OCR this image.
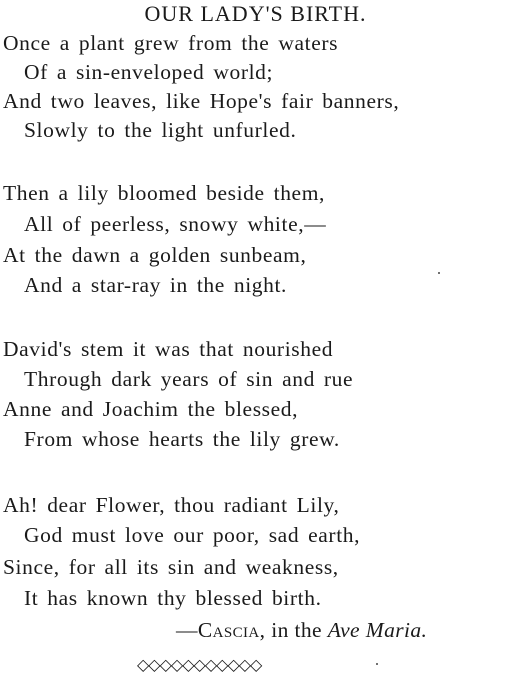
OUR LADY'S BIRTH.
Once a plant grew from the waters
Of a sin-enveloped world;
And two leaves, like Hope's fair banners,
Slowly to the light unfurled.
Then a lily bloomed beside them,
All of peerless, snowy white,—
At the dawn a golden sunbeam,
And a star-ray in the night.
David's stem it was that nourished
Through dark years of sin and rue
Anne and Joachim the blessed,
From whose hearts the lily grew.
Ah! dear Flower, thou radiant Lily,
God must love our poor, sad earth,
Since, for all its sin and weakness,
It has known thy blessed birth.
—Cascia, in the Ave Maria.
◇◇◇◇◇◇◇◇◇◇◇
